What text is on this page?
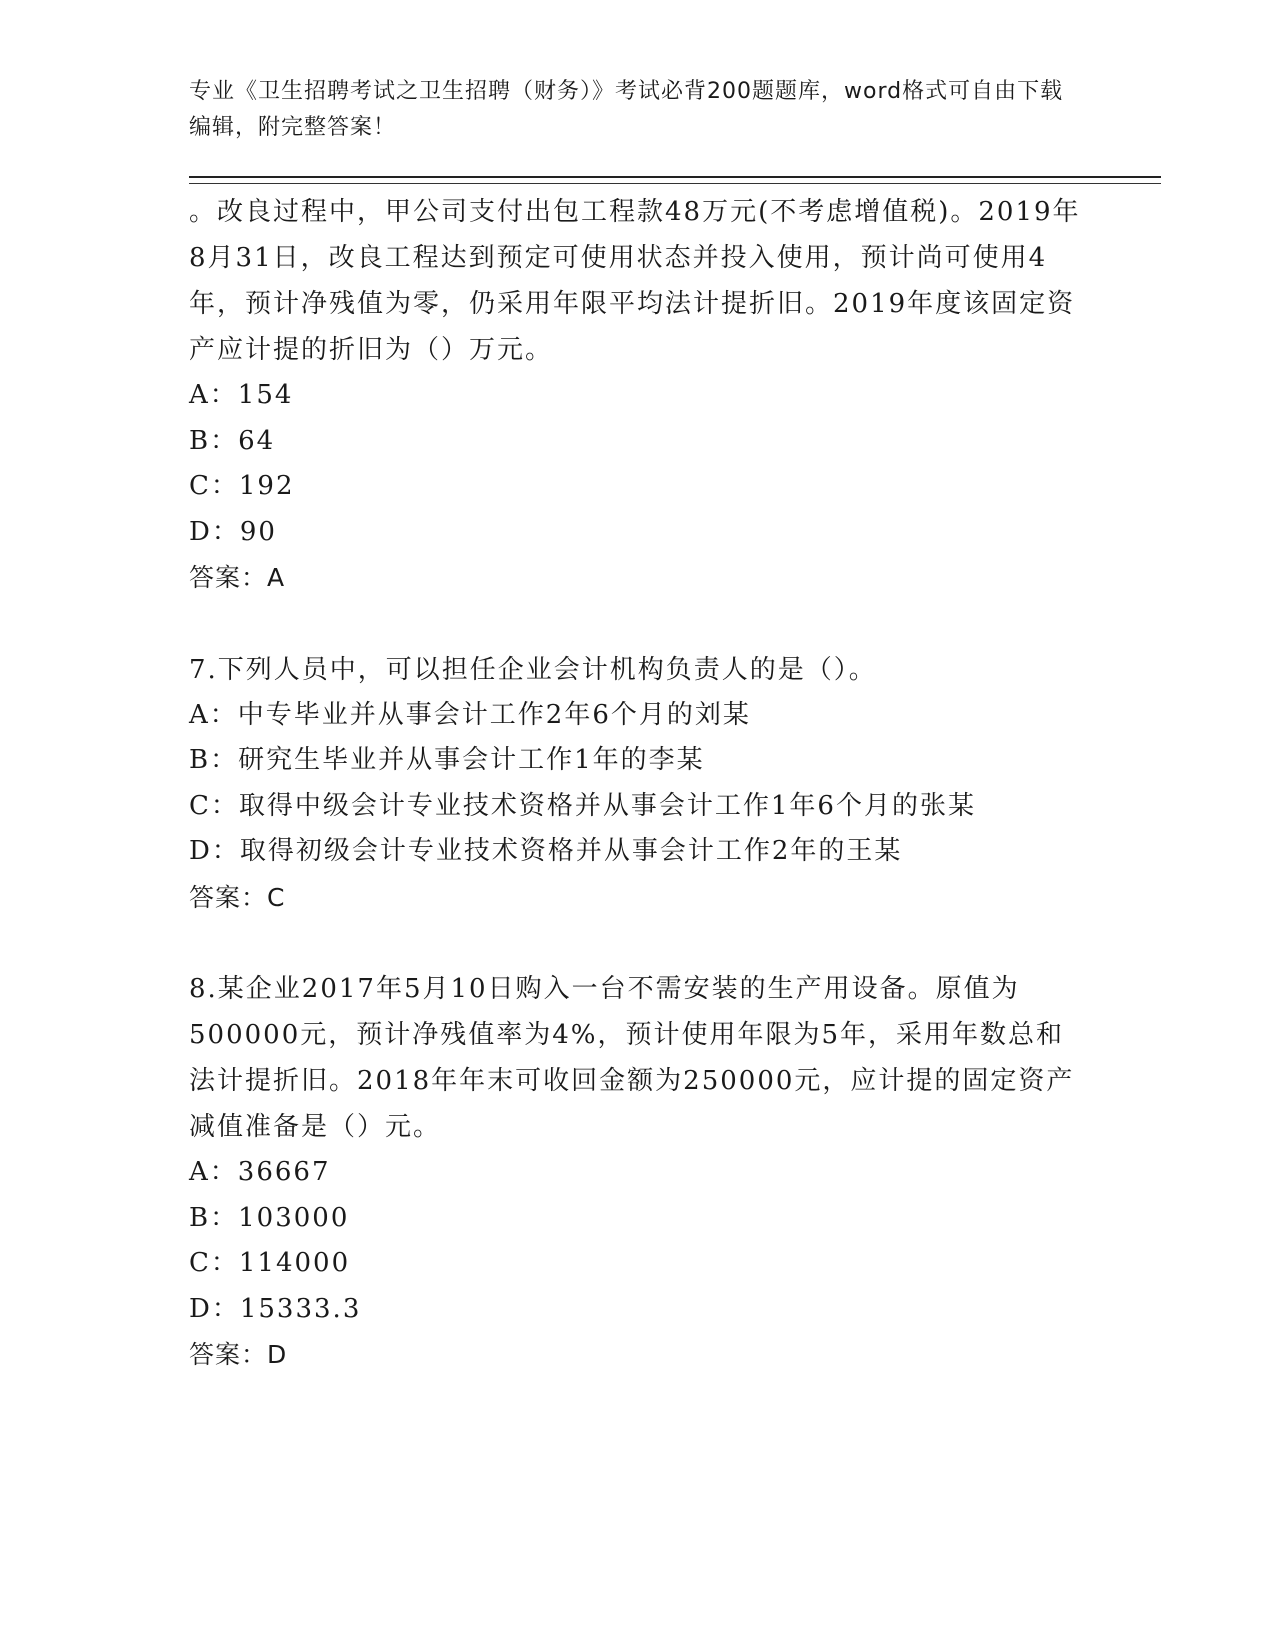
专业《卫生招聘考试之卫生招聘（财务）》考试必背200题题库，word格式可自由下载编辑，附完整答案！

。改良过程中，甲公司支付出包工程款48万元(不考虑增值税)。2019年8月31日，改良工程达到预定可使用状态并投入使用，预计尚可使用4年，预计净残值为零，仍采用年限平均法计提折旧。2019年度该固定资产应计提的折旧为（）万元。

A：154

B：64

C：192

D：90

答案：A

7.下列人员中，可以担任企业会计机构负责人的是（）。

A：中专毕业并从事会计工作2年6个月的刘某

B：研究生毕业并从事会计工作1年的李某

C：取得中级会计专业技术资格并从事会计工作1年6个月的张某

D：取得初级会计专业技术资格并从事会计工作2年的王某

答案：C

8.某企业2017年5月10日购入一台不需安装的生产用设备。原值为500000元，预计净残值率为4%，预计使用年限为5年，采用年数总和法计提折旧。2018年年末可收回金额为250000元，应计提的固定资产减值准备是（）元。

A：36667

B：103000

C：114000

D：15333.3

答案：D
